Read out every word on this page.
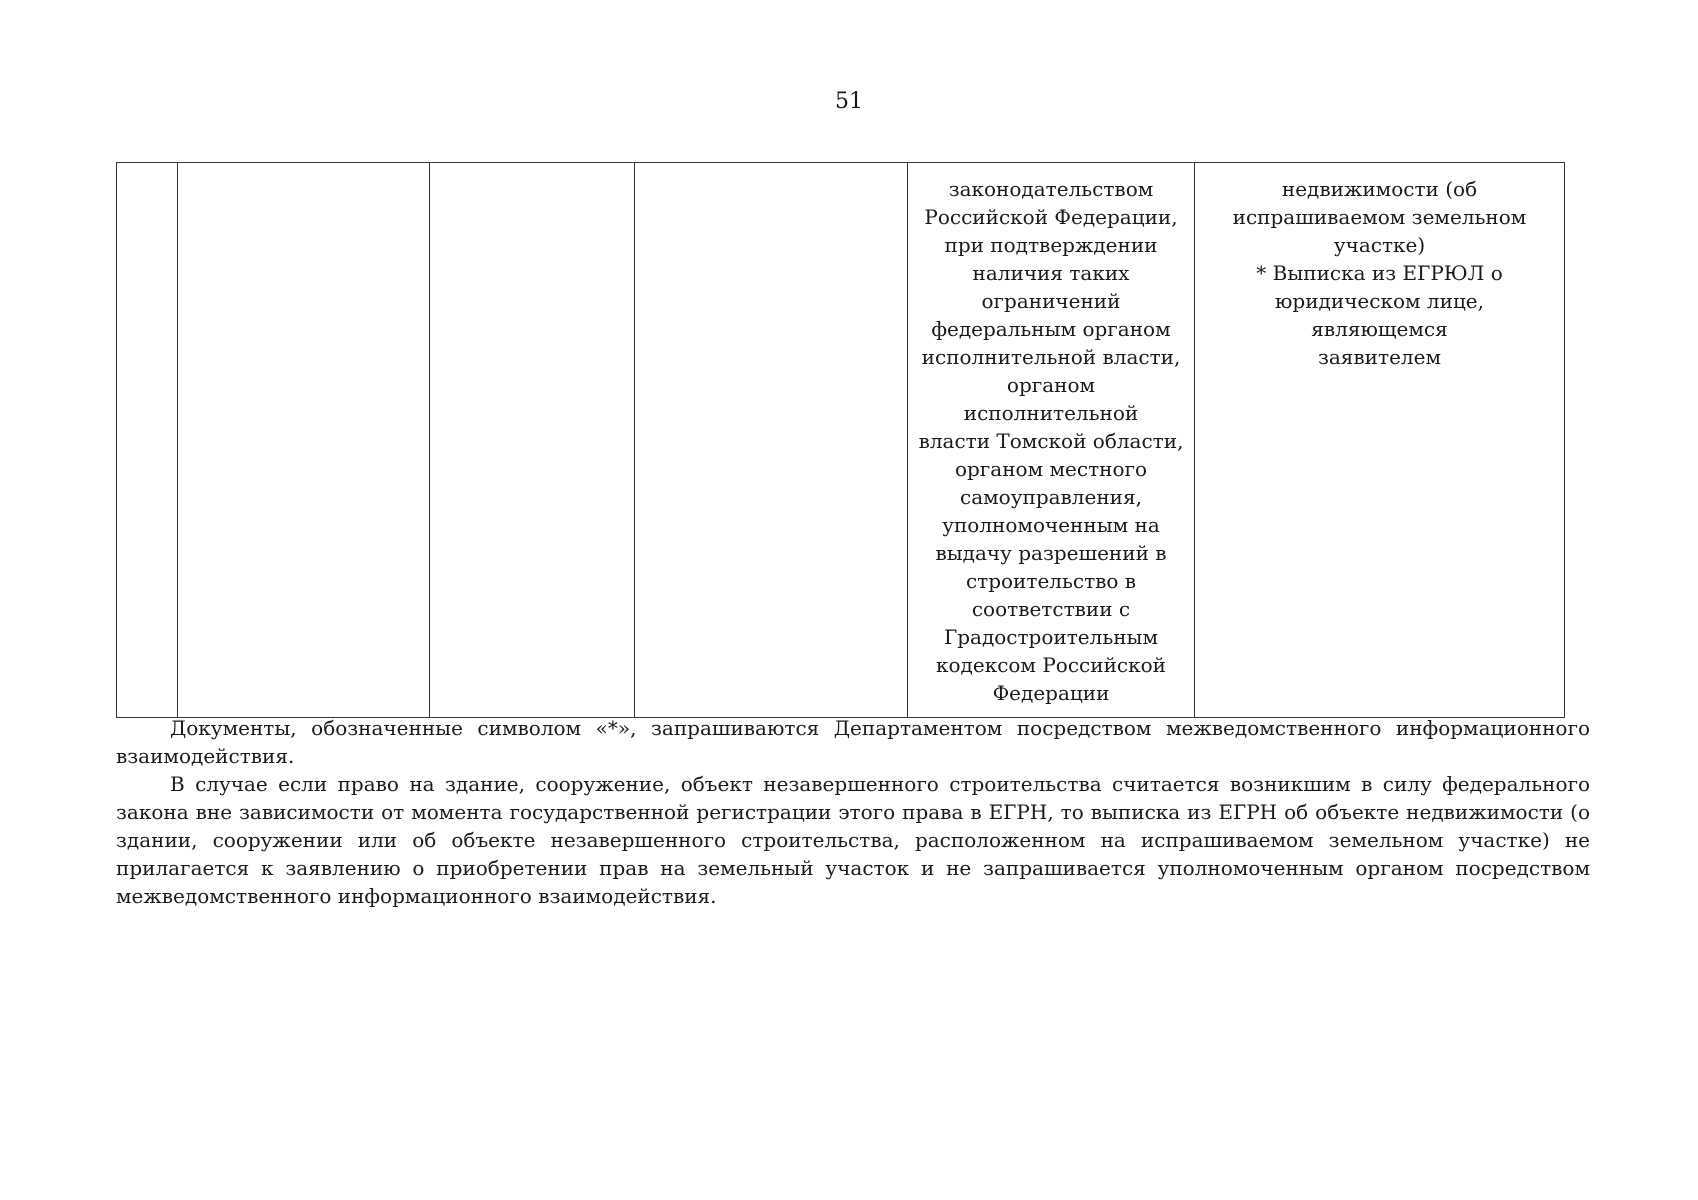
51
				законодательством
Российской Федерации,
при подтверждении
наличия таких
ограничений
федеральным органом
исполнительной власти,
органом исполнительной
власти Томской области,
органом местного
самоуправления,
уполномоченным на
выдачу разрешений в
строительство в
соответствии с
Градостроительным
кодексом Российской
Федерации	недвижимости (об
испрашиваемом земельном
участке)
* Выписка из ЕГРЮЛ о
юридическом лице, являющемся
заявителем

Документы, обозначенные символом «*», запрашиваются Департаментом посредством межведомственного информационного взаимодействия.

В случае если право на здание, сооружение, объект незавершенного строительства считается возникшим в силу федерального закона вне зависимости от момента государственной регистрации этого права в ЕГРН, то выписка из ЕГРН об объекте недвижимости (о здании, сооружении или об объекте незавершенного строительства, расположенном на испрашиваемом земельном участке) не прилагается к заявлению о приобретении прав на земельный участок и не запрашивается уполномоченным органом посредством межведомственного информационного взаимодействия.
